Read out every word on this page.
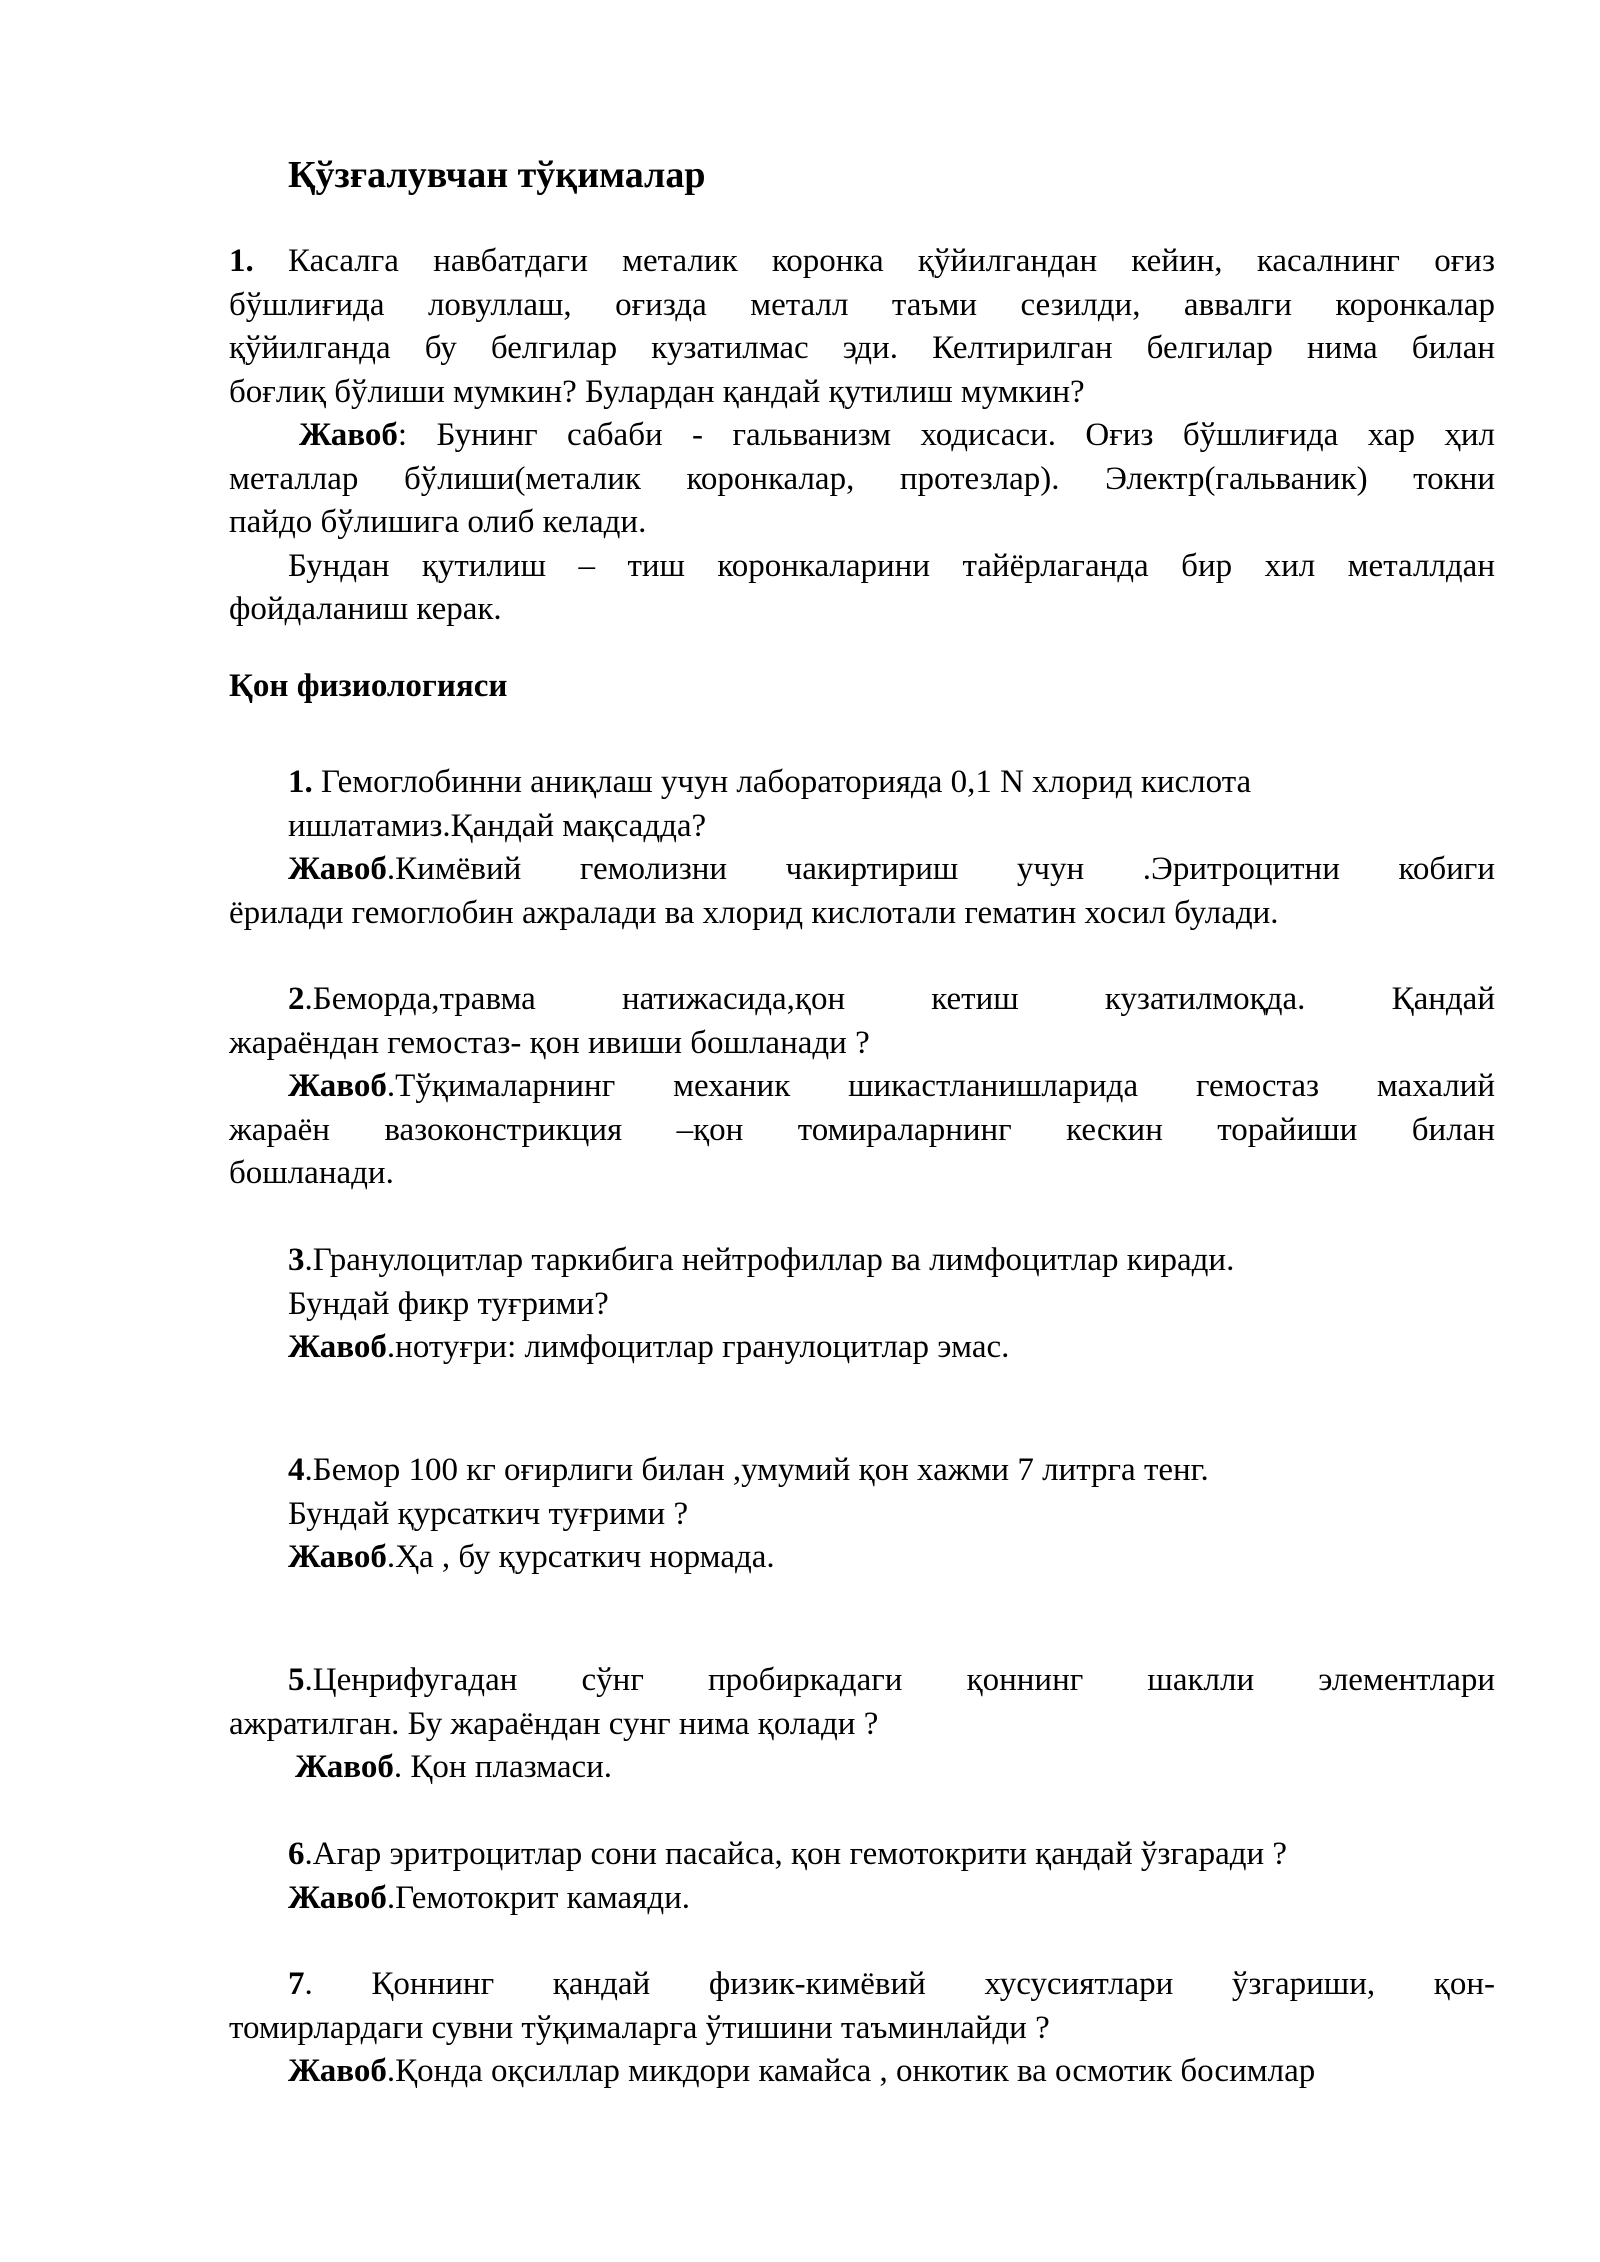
Қўзғалувчан тўқималар
1. Касалга навбатдаги металик коронка қўйилгандан кейин, касалнинг оғиз
бўшлиғида ловуллаш, оғизда металл таъми сезилди, аввалги коронкалар
қўйилганда бу белгилар кузатилмас эди. Келтирилган белгилар нима билан
боғлиқ бўлиши мумкин? Булардан қандай қутилиш мумкин?
Жавоб: Бунинг сабаби - гальванизм ходисаси. Оғиз бўшлиғида хар ҳил
металлар бўлиши(металик коронкалар, протезлар). Электр(гальваник) токни
пайдо бўлишига олиб келади.
Бундан қутилиш – тиш коронкаларини тайёрлаганда бир хил металлдан
фойдаланиш керак.
Қон физиологияси
1. Гемоглобинни аниқлаш учун лабораторияда 0,1 N хлорид кислота
ишлатамиз.Қандай мақсадда?
Жавоб.Кимёвий гемолизни чакиртириш учун .Эритроцитни кобиги
ёрилади гемоглобин ажралади ва хлорид кислотали гематин хосил булади.
2.Беморда,травма натижасида,қон кетиш кузатилмоқда. Қандай
жараёндан гемостаз- қон ивиши бошланади ?
Жавоб.Тўқималарнинг механик шикастланишларида гемостаз махалий
жараён вазоконстрикция –қон томираларнинг кескин торайиши билан
бошланади.
3.Гранулоцитлар таркибига нейтрофиллар ва лимфоцитлар киради.
Бундай фикр туғрими?
Жавоб.нотуғри: лимфоцитлар гранулоцитлар эмас.
4.Бемор 100 кг оғирлиги билан ,умумий қон хажми 7 литрга тенг.
Бундай қурсаткич туғрими ?
Жавоб.Ҳа , бу қурсаткич нормада.
5.Ценрифугадан сўнг пробиркадаги қоннинг шаклли элементлари
ажратилган. Бу жараёндан сунг нима қолади ?
Жавоб. Қон плазмаси.
6.Агар эритроцитлар сони пасайса, қон гемотокрити қандай ўзгаради ?
Жавоб.Гемотокрит камаяди.
7. Қоннинг қандай физик-кимёвий хусусиятлари ўзгариши, қон-
томирлардаги сувни тўқималарга ўтишини таъминлайди ?
Жавоб.Қонда оқсиллар микдори камайса , онкотик ва осмотик босимлар
